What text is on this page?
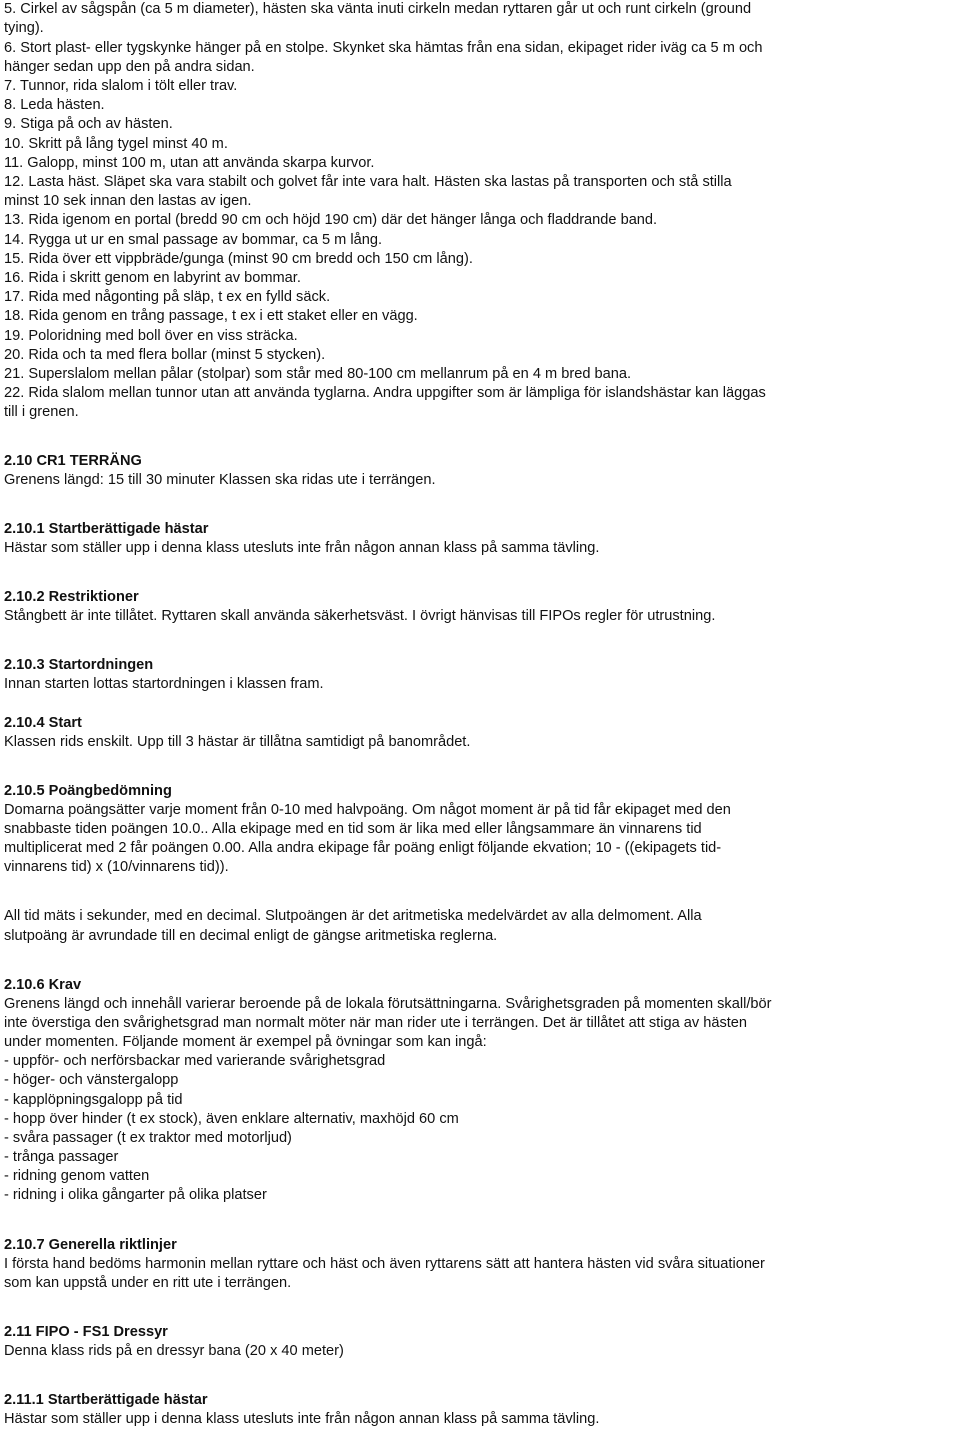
5. Cirkel av sågspån (ca 5 m diameter), hästen ska vänta inuti cirkeln medan ryttaren går ut och runt cirkeln (ground
tying).
6. Stort plast- eller tygskynke hänger på en stolpe. Skynket ska hämtas från ena sidan, ekipaget rider iväg ca 5 m och
hänger sedan upp den på andra sidan.
7. Tunnor, rida slalom i tölt eller trav.
8. Leda hästen.
9. Stiga på och av hästen.
10. Skritt på lång tygel minst 40 m.
11. Galopp, minst 100 m, utan att använda skarpa kurvor.
12. Lasta häst. Släpet ska vara stabilt och golvet får inte vara halt. Hästen ska lastas på transporten och stå stilla
minst 10 sek innan den lastas av igen.
13. Rida igenom en portal (bredd 90 cm och höjd 190 cm) där det hänger långa och fladdrande band.
14. Rygga ut ur en smal passage av bommar, ca 5 m lång.
15. Rida över ett vippbräde/gunga (minst 90 cm bredd och 150 cm lång).
16. Rida i skritt genom en labyrint av bommar.
17. Rida med någonting på släp, t ex en fylld säck.
18. Rida genom en trång passage, t ex i ett staket eller en vägg.
19. Poloridning med boll över en viss sträcka.
20. Rida och ta med flera bollar (minst 5 stycken).
21. Superslalom mellan pålar (stolpar) som står med 80-100 cm mellanrum på en 4 m bred bana.
22. Rida slalom mellan tunnor utan att använda tyglarna. Andra uppgifter som är lämpliga för islandshästar kan läggas
till i grenen.
2.10 CR1 TERRÄNG
Grenens längd: 15 till 30 minuter Klassen ska ridas ute i terrängen.
2.10.1 Startberättigade hästar
Hästar som ställer upp i denna klass utesluts inte från någon annan klass på samma tävling.
2.10.2 Restriktioner
Stångbett är inte tillåtet. Ryttaren skall använda säkerhetsväst. I övrigt hänvisas till FIPOs regler för utrustning.
2.10.3 Startordningen
Innan starten lottas startordningen i klassen fram.
2.10.4 Start
Klassen rids enskilt. Upp till 3 hästar är tillåtna samtidigt på banområdet.
2.10.5 Poängbedömning
Domarna poängsätter varje moment från 0-10 med halvpoäng. Om något moment är på tid får ekipaget med den
snabbaste tiden poängen 10.0.. Alla ekipage med en tid som är lika med eller långsammare än vinnarens tid
multiplicerat med 2 får poängen 0.00. Alla andra ekipage får poäng enligt följande ekvation; 10 - ((ekipagets tid-
vinnarens tid) x (10/vinnarens tid)).
All tid mäts i sekunder, med en decimal. Slutpoängen är det aritmetiska medelvärdet av alla delmoment. Alla
slutpoäng är avrundade till en decimal enligt de gängse aritmetiska reglerna.
2.10.6 Krav
Grenens längd och innehåll varierar beroende på de lokala förutsättningarna. Svårighetsgraden på momenten skall/bör
inte överstiga den svårighetsgrad man normalt möter när man rider ute i terrängen. Det är tillåtet att stiga av hästen
under momenten. Följande moment är exempel på övningar som kan ingå:
- uppför- och nerförsbackar med varierande svårighetsgrad
- höger- och vänstergalopp
- kapplöpningsgalopp på tid
- hopp över hinder (t ex stock), även enklare alternativ, maxhöjd 60 cm
- svåra passager (t ex traktor med motorljud)
- trånga passager
- ridning genom vatten
- ridning i olika gångarter på olika platser
2.10.7 Generella riktlinjer
I första hand bedöms harmonin mellan ryttare och häst och även ryttarens sätt att hantera hästen vid svåra situationer
som kan uppstå under en ritt ute i terrängen.
2.11 FIPO - FS1 Dressyr
Denna klass rids på en dressyr bana (20 x 40 meter)
2.11.1 Startberättigade hästar
Hästar som ställer upp i denna klass utesluts inte från någon annan klass på samma tävling.
